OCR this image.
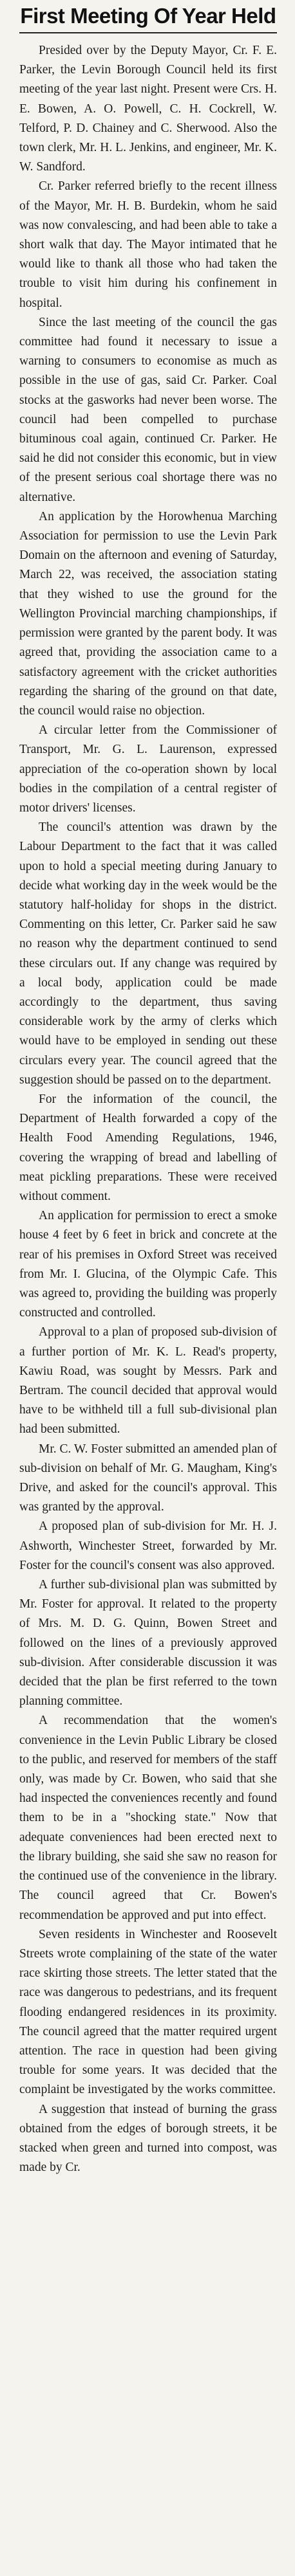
First Meeting Of Year Held

Presided over by the Deputy Mayor, Cr. F. E. Parker, the Levin Borough Council held its first meeting of the year last night. Present were Crs. H. E. Bowen, A. O. Powell, C. H. Cockrell, W. Telford, P. D. Chainey and C. Sherwood. Also the town clerk, Mr. H. L. Jenkins, and engineer, Mr. K. W. Sandford.

Cr. Parker referred briefly to the recent illness of the Mayor, Mr. H. B. Burdekin, whom he said was now convalescing, and had been able to take a short walk that day. The Mayor intimated that he would like to thank all those who had taken the trouble to visit him during his confinement in hospital.

Since the last meeting of the council the gas committee had found it necessary to issue a warning to consumers to economise as much as possible in the use of gas, said Cr. Parker. Coal stocks at the gasworks had never been worse. The council had been compelled to purchase bituminous coal again, continued Cr. Parker. He said he did not consider this economic, but in view of the present serious coal shortage there was no alternative.

An application by the Horowhenua Marching Association for permission to use the Levin Park Domain on the afternoon and evening of Saturday, March 22, was received, the association stating that they wished to use the ground for the Wellington Provincial marching championships, if permission were granted by the parent body. It was agreed that, providing the association came to a satisfactory agreement with the cricket authorities regarding the sharing of the ground on that date, the council would raise no objection.

A circular letter from the Commissioner of Transport, Mr. G. L. Laurenson, expressed appreciation of the co-operation shown by local bodies in the compilation of a central register of motor drivers' licenses.

The council's attention was drawn by the Labour Department to the fact that it was called upon to hold a special meeting during January to decide what working day in the week would be the statutory half-holiday for shops in the district. Commenting on this letter, Cr. Parker said he saw no reason why the department continued to send these circulars out. If any change was required by a local body, application could be made accordingly to the department, thus saving considerable work by the army of clerks which would have to be employed in sending out these circulars every year. The council agreed that the suggestion should be passed on to the department.

For the information of the council, the Department of Health forwarded a copy of the Health Food Amending Regulations, 1946, covering the wrapping of bread and labelling of meat pickling preparations. These were received without comment.

An application for permission to erect a smoke house 4 feet by 6 feet in brick and concrete at the rear of his premises in Oxford Street was received from Mr. I. Glucina, of the Olympic Cafe. This was agreed to, providing the building was properly constructed and controlled.

Approval to a plan of proposed sub-division of a further portion of Mr. K. L. Read's property, Kawiu Road, was sought by Messrs. Park and Bertram. The council decided that approval would have to be withheld till a full sub-divisional plan had been submitted.

Mr. C. W. Foster submitted an amended plan of sub-division on behalf of Mr. G. Maugham, King's Drive, and asked for the council's approval. This was granted by the approval.

A proposed plan of sub-division for Mr. H. J. Ashworth, Winchester Street, forwarded by Mr. Foster for the council's consent was also approved.

A further sub-divisional plan was submitted by Mr. Foster for approval. It related to the property of Mrs. M. D. G. Quinn, Bowen Street and followed on the lines of a previously approved sub-division. After considerable discussion it was decided that the plan be first referred to the town planning committee.

A recommendation that the women's convenience in the Levin Public Library be closed to the public, and reserved for members of the staff only, was made by Cr. Bowen, who said that she had inspected the conveniences recently and found them to be in a "shocking state." Now that adequate conveniences had been erected next to the library building, she said she saw no reason for the continued use of the convenience in the library. The council agreed that Cr. Bowen's recommendation be approved and put into effect.

Seven residents in Winchester and Roosevelt Streets wrote complaining of the state of the water race skirting those streets. The letter stated that the race was dangerous to pedestrians, and its frequent flooding endangered residences in its proximity. The council agreed that the matter required urgent attention. The race in question had been giving trouble for some years. It was decided that the complaint be investigated by the works committee.

A suggestion that instead of burning the grass obtained from the edges of borough streets, it be stacked when green and turned into compost, was made by Cr.
